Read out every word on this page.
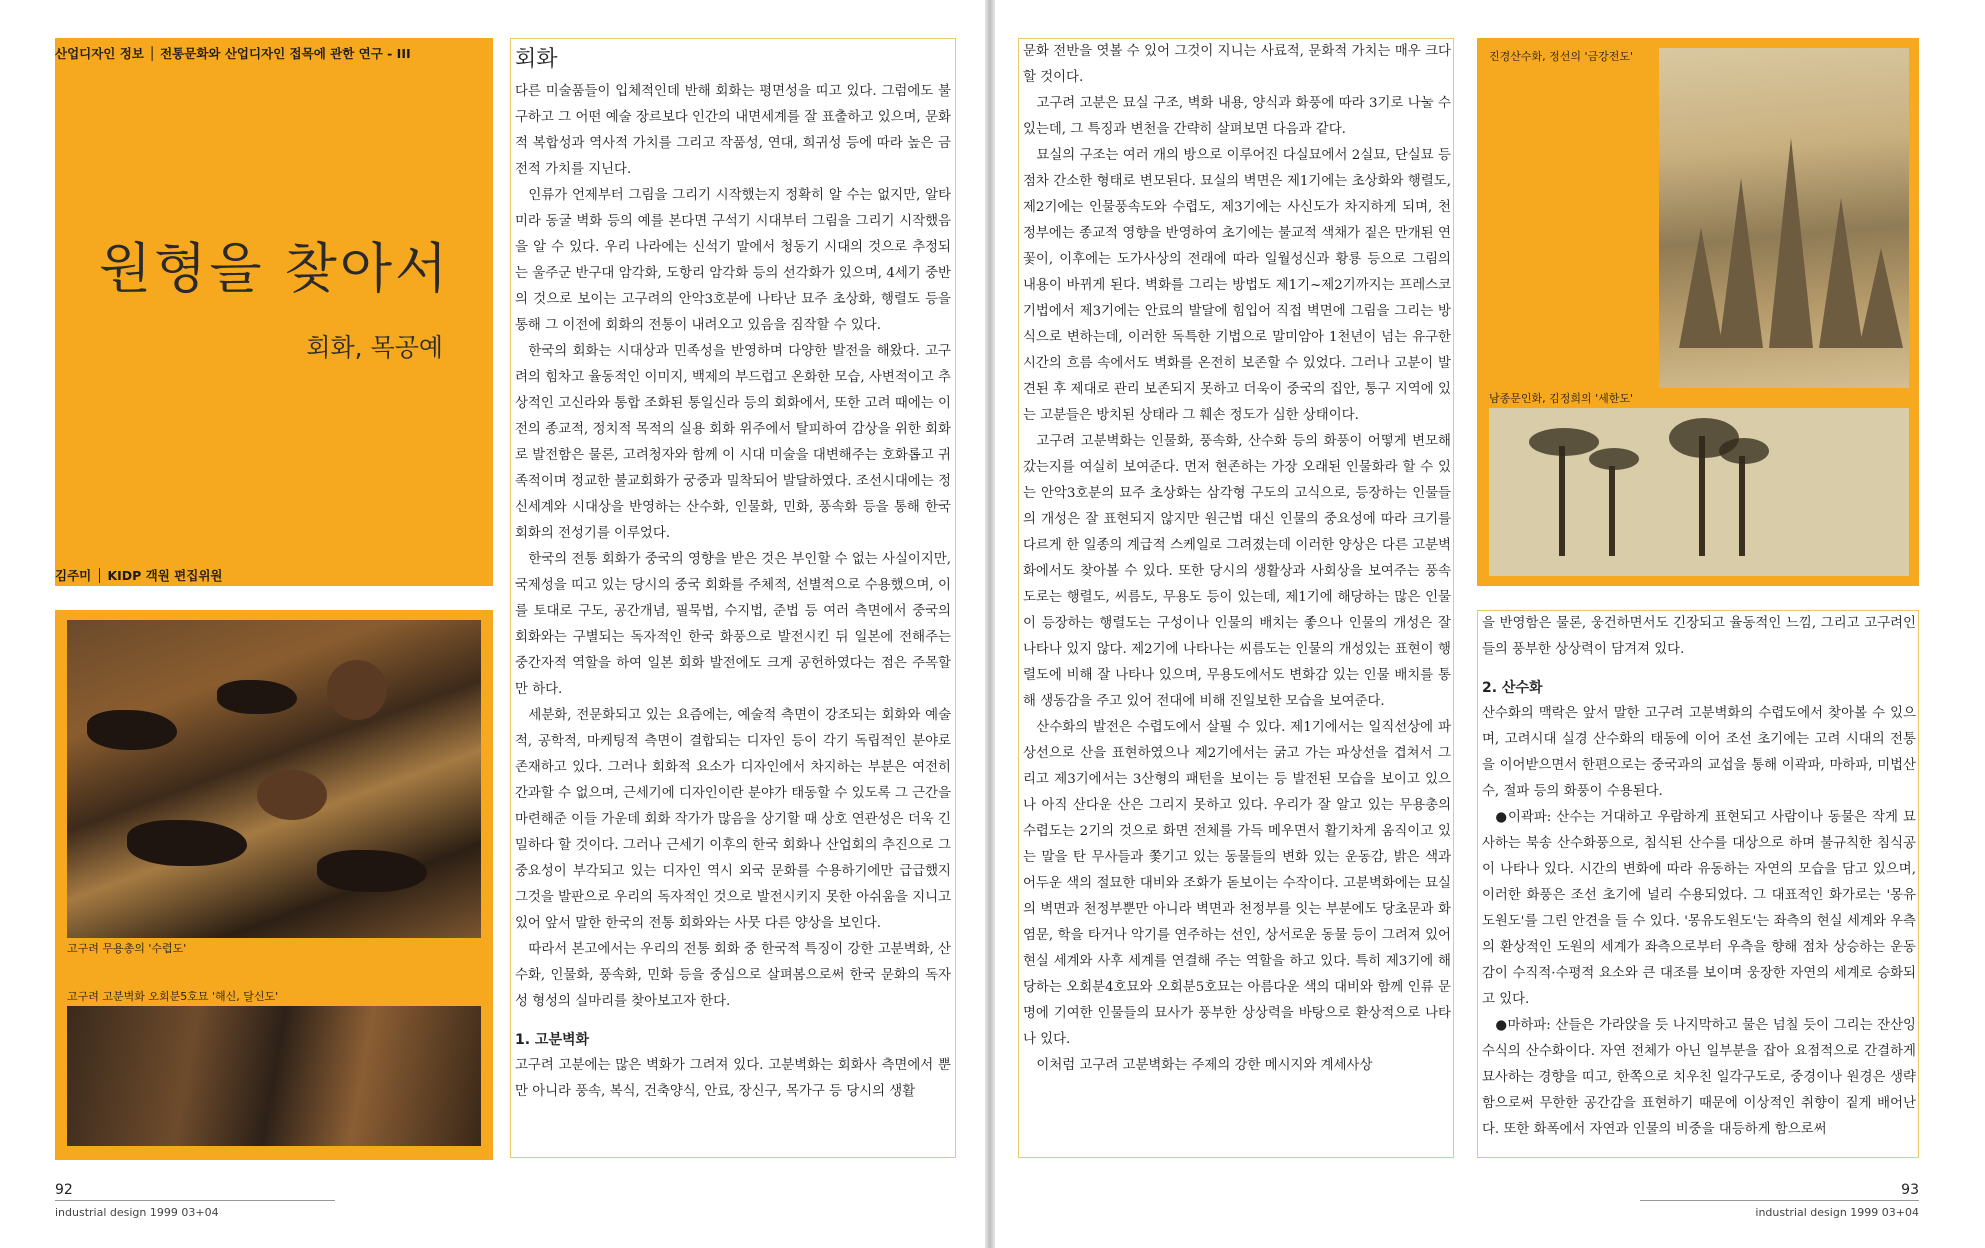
산업디자인 정보 │ 전통문화와 산업디자인 접목에 관한 연구 - III
원형을 찾아서
회화, 목공예
김주미 │ KIDP 객원 편집위원
고구려 무용총의 '수렵도'
고구려 고분벽화 오회분5호묘 '해신, 달신도'
회화

다른 미술품들이 입체적인데 반해 회화는 평면성을 띠고 있다. 그럼에도 불구하고 그 어떤 예술 장르보다 인간의 내면세계를 잘 표출하고 있으며, 문화적 복합성과 역사적 가치를 그리고 작품성, 연대, 희귀성 등에 따라 높은 금전적 가치를 지닌다.

인류가 언제부터 그림을 그리기 시작했는지 정확히 알 수는 없지만, 알타미라 동굴 벽화 등의 예를 본다면 구석기 시대부터 그림을 그리기 시작했음을 알 수 있다. 우리 나라에는 신석기 말에서 청동기 시대의 것으로 추정되는 울주군 반구대 암각화, 도항리 암각화 등의 선각화가 있으며, 4세기 중반의 것으로 보이는 고구려의 안악3호분에 나타난 묘주 초상화, 행렬도 등을 통해 그 이전에 회화의 전통이 내려오고 있음을 짐작할 수 있다.

한국의 회화는 시대상과 민족성을 반영하며 다양한 발전을 해왔다. 고구려의 힘차고 율동적인 이미지, 백제의 부드럽고 온화한 모습, 사변적이고 추상적인 고신라와 통합 조화된 통일신라 등의 회화에서, 또한 고려 때에는 이전의 종교적, 정치적 목적의 실용 회화 위주에서 탈피하여 감상을 위한 회화로 발전함은 물론, 고려청자와 함께 이 시대 미술을 대변해주는 호화롭고 귀족적이며 정교한 불교회화가 궁중과 밀착되어 발달하였다. 조선시대에는 정신세계와 시대상을 반영하는 산수화, 인물화, 민화, 풍속화 등을 통해 한국 회화의 전성기를 이루었다.

한국의 전통 회화가 중국의 영향을 받은 것은 부인할 수 없는 사실이지만, 국제성을 띠고 있는 당시의 중국 회화를 주체적, 선별적으로 수용했으며, 이를 토대로 구도, 공간개념, 필묵법, 수지법, 준법 등 여러 측면에서 중국의 회화와는 구별되는 독자적인 한국 화풍으로 발전시킨 뒤 일본에 전해주는 중간자적 역할을 하여 일본 회화 발전에도 크게 공헌하였다는 점은 주목할 만 하다.

세분화, 전문화되고 있는 요즘에는, 예술적 측면이 강조되는 회화와 예술적, 공학적, 마케팅적 측면이 결합되는 디자인 등이 각기 독립적인 분야로 존재하고 있다. 그러나 회화적 요소가 디자인에서 차지하는 부분은 여전히 간과할 수 없으며, 근세기에 디자인이란 분야가 태동할 수 있도록 그 근간을 마련해준 이들 가운데 회화 작가가 많음을 상기할 때 상호 연관성은 더욱 긴밀하다 할 것이다. 그러나 근세기 이후의 한국 회화나 산업회의 추진으로 그 중요성이 부각되고 있는 디자인 역시 외국 문화를 수용하기에만 급급했지 그것을 발판으로 우리의 독자적인 것으로 발전시키지 못한 아쉬움을 지니고 있어 앞서 말한 한국의 전통 회화와는 사뭇 다른 양상을 보인다.

따라서 본고에서는 우리의 전통 회화 중 한국적 특징이 강한 고분벽화, 산수화, 인물화, 풍속화, 민화 등을 중심으로 살펴봄으로써 한국 문화의 독자성 형성의 실마리를 찾아보고자 한다.

1. 고분벽화

고구려 고분에는 많은 벽화가 그려져 있다. 고분벽화는 회화사 측면에서 뿐만 아니라 풍속, 복식, 건축양식, 안료, 장신구, 목가구 등 당시의 생활

92
industrial design 1999 03+04

문화 전반을 엿볼 수 있어 그것이 지니는 사료적, 문화적 가치는 매우 크다 할 것이다.

고구려 고분은 묘실 구조, 벽화 내용, 양식과 화풍에 따라 3기로 나눌 수 있는데, 그 특징과 변천을 간략히 살펴보면 다음과 같다.

묘실의 구조는 여러 개의 방으로 이루어진 다실묘에서 2실묘, 단실묘 등 점차 간소한 형태로 변모된다. 묘실의 벽면은 제1기에는 초상화와 행렬도, 제2기에는 인물풍속도와 수렵도, 제3기에는 사신도가 차지하게 되며, 천정부에는 종교적 영향을 반영하여 초기에는 불교적 색채가 짙은 만개된 연꽃이, 이후에는 도가사상의 전래에 따라 일월성신과 황룡 등으로 그림의 내용이 바뀌게 된다. 벽화를 그리는 방법도 제1기~제2기까지는 프레스코 기법에서 제3기에는 안료의 발달에 힘입어 직접 벽면에 그림을 그리는 방식으로 변하는데, 이러한 독특한 기법으로 말미암아 1천년이 넘는 유구한 시간의 흐름 속에서도 벽화를 온전히 보존할 수 있었다. 그러나 고분이 발견된 후 제대로 관리 보존되지 못하고 더욱이 중국의 집안, 통구 지역에 있는 고분들은 방치된 상태라 그 훼손 정도가 심한 상태이다.

고구려 고분벽화는 인물화, 풍속화, 산수화 등의 화풍이 어떻게 변모해 갔는지를 여실히 보여준다. 먼저 현존하는 가장 오래된 인물화라 할 수 있는 안악3호분의 묘주 초상화는 삼각형 구도의 고식으로, 등장하는 인물들의 개성은 잘 표현되지 않지만 원근법 대신 인물의 중요성에 따라 크기를 다르게 한 일종의 계급적 스케일로 그려졌는데 이러한 양상은 다른 고분벽화에서도 찾아볼 수 있다. 또한 당시의 생활상과 사회상을 보여주는 풍속도로는 행렬도, 씨름도, 무용도 등이 있는데, 제1기에 해당하는 많은 인물이 등장하는 행렬도는 구성이나 인물의 배치는 좋으나 인물의 개성은 잘 나타나 있지 않다. 제2기에 나타나는 씨름도는 인물의 개성있는 표현이 행렬도에 비해 잘 나타나 있으며, 무용도에서도 변화감 있는 인물 배치를 통해 생동감을 주고 있어 전대에 비해 진일보한 모습을 보여준다.

산수화의 발전은 수렵도에서 살필 수 있다. 제1기에서는 일직선상에 파상선으로 산을 표현하였으나 제2기에서는 굵고 가는 파상선을 겹쳐서 그리고 제3기에서는 3산형의 패턴을 보이는 등 발전된 모습을 보이고 있으나 아직 산다운 산은 그리지 못하고 있다. 우리가 잘 알고 있는 무용총의 수렵도는 2기의 것으로 화면 전체를 가득 메우면서 활기차게 움직이고 있는 말을 탄 무사들과 쫓기고 있는 동물들의 변화 있는 운동감, 밝은 색과 어두운 색의 절묘한 대비와 조화가 돋보이는 수작이다. 고분벽화에는 묘실의 벽면과 천정부뿐만 아니라 벽면과 천정부를 잇는 부분에도 당초문과 화염문, 학을 타거나 악기를 연주하는 선인, 상서로운 동물 등이 그려져 있어 현실 세계와 사후 세계를 연결해 주는 역할을 하고 있다. 특히 제3기에 해당하는 오회분4호묘와 오회분5호묘는 아름다운 색의 대비와 함께 인류 문명에 기여한 인물들의 묘사가 풍부한 상상력을 바탕으로 환상적으로 나타나 있다.

이처럼 고구려 고분벽화는 주제의 강한 메시지와 계세사상

진경산수화, 정선의 '금강전도'
남종문인화, 김정희의 '세한도'

을 반영함은 물론, 웅건하면서도 긴장되고 율동적인 느낌, 그리고 고구려인들의 풍부한 상상력이 담겨져 있다.

2. 산수화

산수화의 맥락은 앞서 말한 고구려 고분벽화의 수렵도에서 찾아볼 수 있으며, 고려시대 실경 산수화의 태동에 이어 조선 초기에는 고려 시대의 전통을 이어받으면서 한편으로는 중국과의 교섭을 통해 이곽파, 마하파, 미법산수, 절파 등의 화풍이 수용된다.

●이곽파: 산수는 거대하고 우람하게 표현되고 사람이나 동물은 작게 묘사하는 북송 산수화풍으로, 침식된 산수를 대상으로 하며 불규칙한 침식공이 나타나 있다. 시간의 변화에 따라 유동하는 자연의 모습을 담고 있으며, 이러한 화풍은 조선 초기에 널리 수용되었다. 그 대표적인 화가로는 '몽유도원도'를 그린 안견을 들 수 있다. '몽유도원도'는 좌측의 현실 세계와 우측의 환상적인 도원의 세계가 좌측으로부터 우측을 향해 점차 상승하는 운동감이 수직적·수평적 요소와 큰 대조를 보이며 웅장한 자연의 세계로 승화되고 있다.

●마하파: 산들은 가라앉을 듯 나지막하고 물은 넘칠 듯이 그리는 잔산잉수식의 산수화이다. 자연 전체가 아닌 일부분을 잡아 요점적으로 간결하게 묘사하는 경향을 띠고, 한쪽으로 치우친 일각구도로, 중경이나 원경은 생략함으로써 무한한 공간감을 표현하기 때문에 이상적인 취향이 짙게 배어난다. 또한 화폭에서 자연과 인물의 비중을 대등하게 함으로써

93
industrial design 1999 03+04
